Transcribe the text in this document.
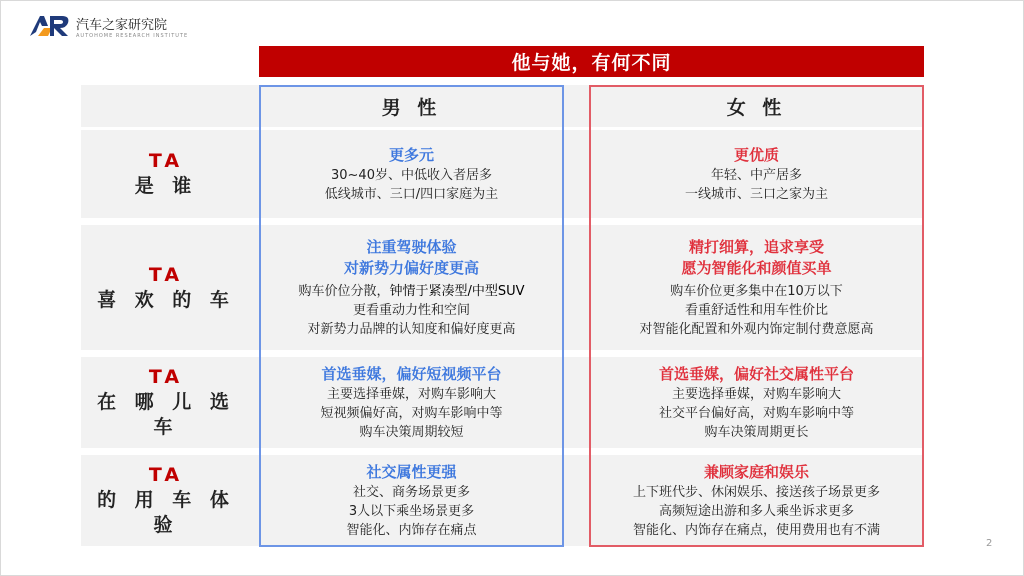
汽车之家研究院
AUTOHOME RESEARCH INSTITUTE
他与她，有何不同
男 性	女 性
TA
是 谁
TA
喜 欢 的 车
TA
在 哪 儿 选 车
TA
的 用 车 体 验
更多元
30~40岁、中低收入者居多
低线城市、三口/四口家庭为主
更优质
年轻、中产居多
一线城市、三口之家为主
注重驾驶体验
对新势力偏好度更高
购车价位分散，钟情于紧凑型/中型SUV
更看重动力性和空间
对新势力品牌的认知度和偏好度更高
精打细算，追求享受
愿为智能化和颜值买单
购车价位更多集中在10万以下
看重舒适性和用车性价比
对智能化配置和外观内饰定制付费意愿高
首选垂媒，偏好短视频平台
主要选择垂媒，对购车影响大
短视频偏好高，对购车影响中等
购车决策周期较短
首选垂媒，偏好社交属性平台
主要选择垂媒，对购车影响大
社交平台偏好高，对购车影响中等
购车决策周期更长
社交属性更强
社交、商务场景更多
3人以下乘坐场景更多
智能化、内饰存在痛点
兼顾家庭和娱乐
上下班代步、休闲娱乐、接送孩子场景更多
高频短途出游和多人乘坐诉求更多
智能化、内饰存在痛点，使用费用也有不满
2
